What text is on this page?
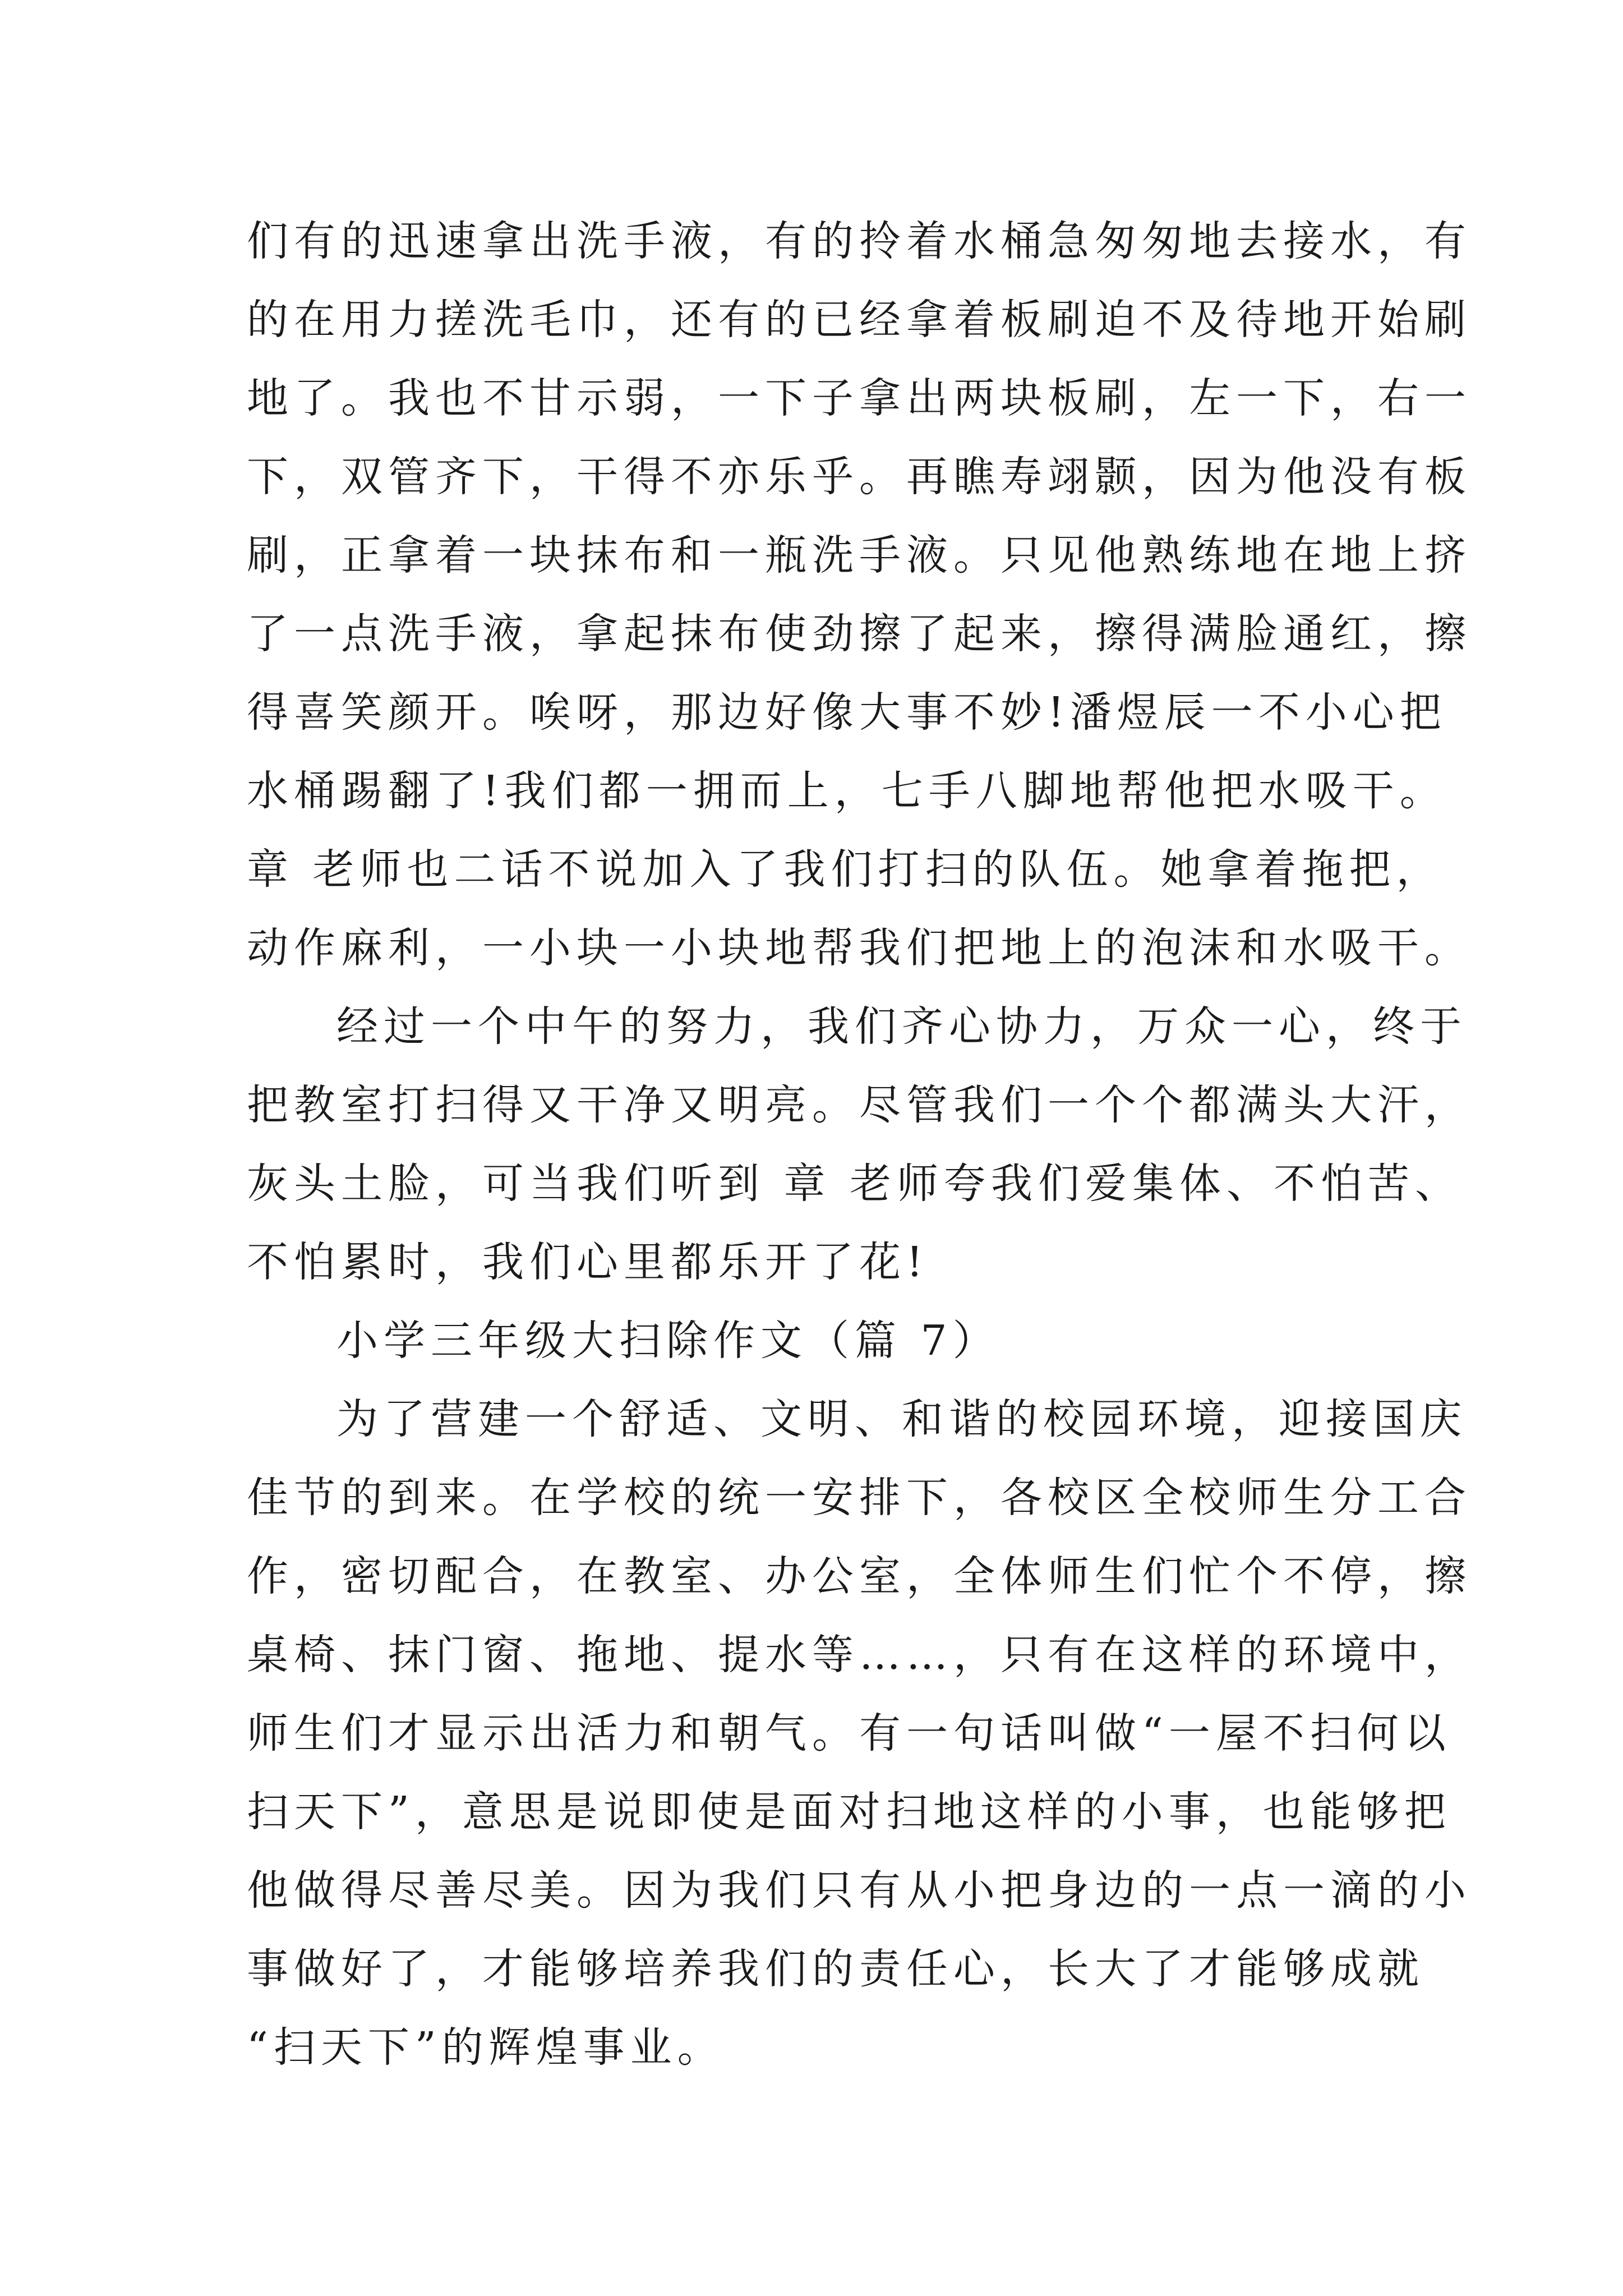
们有的迅速拿出洗手液，有的拎着水桶急匆匆地去接水，有
的在用力搓洗毛巾，还有的已经拿着板刷迫不及待地开始刷
地了。我也不甘示弱，一下子拿出两块板刷，左一下，右一
下，双管齐下，干得不亦乐乎。再瞧寿翊颢，因为他没有板
刷，正拿着一块抹布和一瓶洗手液。只见他熟练地在地上挤
了一点洗手液，拿起抹布使劲擦了起来，擦得满脸通红，擦
得喜笑颜开。唉呀，那边好像大事不妙!潘煜辰一不小心把
水桶踢翻了!我们都一拥而上，七手八脚地帮他把水吸干。
章 老师也二话不说加入了我们打扫的队伍。她拿着拖把，
动作麻利，一小块一小块地帮我们把地上的泡沫和水吸干。
经过一个中午的努力，我们齐心协力，万众一心，终于
把教室打扫得又干净又明亮。尽管我们一个个都满头大汗，
灰头土脸，可当我们听到 章 老师夸我们爱集体、不怕苦、
不怕累时，我们心里都乐开了花!
小学三年级大扫除作文（篇 7）
为了营建一个舒适、文明、和谐的校园环境，迎接国庆
佳节的到来。在学校的统一安排下，各校区全校师生分工合
作，密切配合，在教室、办公室，全体师生们忙个不停，擦
桌椅、抹门窗、拖地、提水等……，只有在这样的环境中，
师生们才显示出活力和朝气。有一句话叫做“一屋不扫何以
扫天下”，意思是说即使是面对扫地这样的小事，也能够把
他做得尽善尽美。因为我们只有从小把身边的一点一滴的小
事做好了，才能够培养我们的责任心，长大了才能够成就
“扫天下”的辉煌事业。
